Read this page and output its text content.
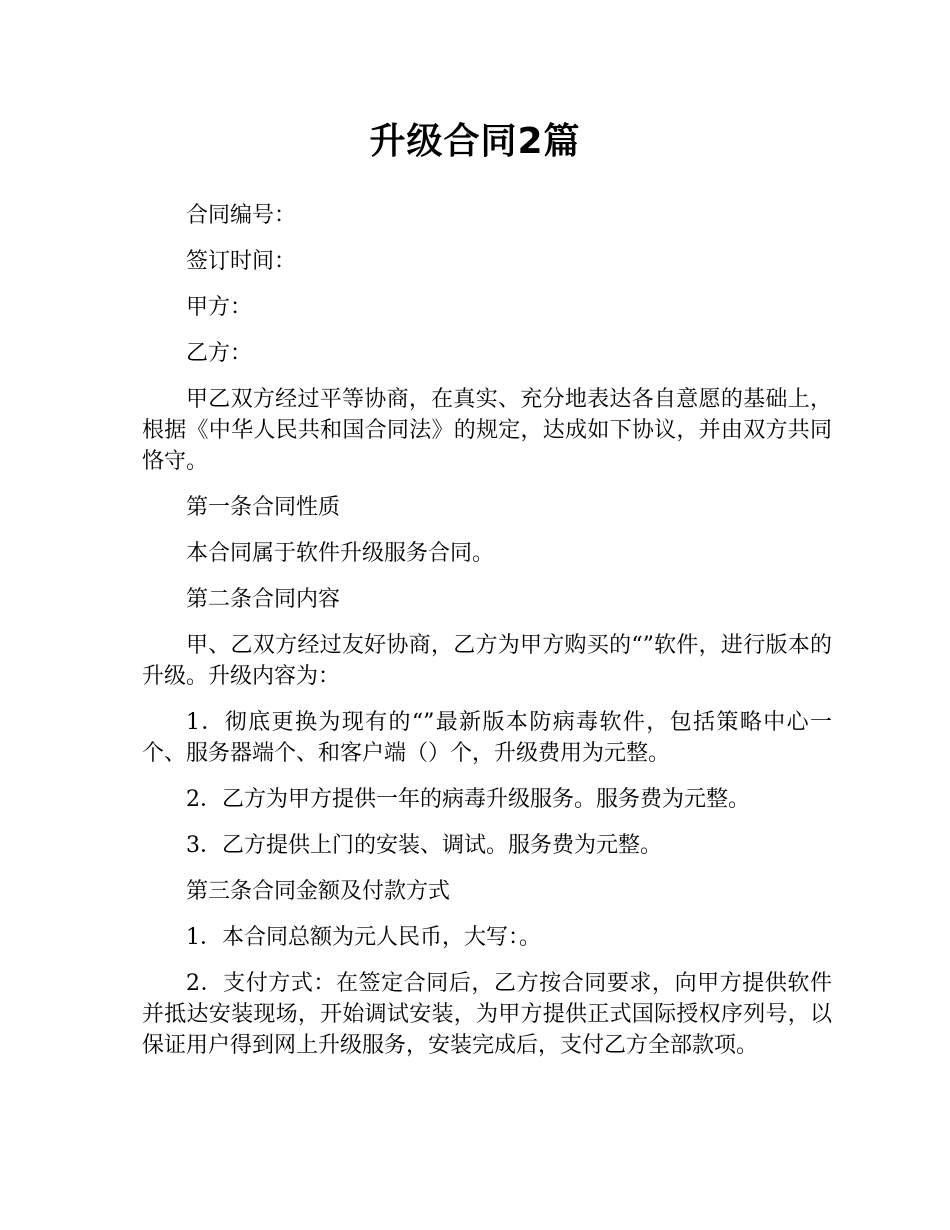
升级合同2篇

合同编号：

签订时间：

甲方：

乙方：

甲乙双方经过平等协商，在真实、充分地表达各自意愿的基础上，根据《中华人民共和国合同法》的规定，达成如下协议，并由双方共同恪守。

第一条合同性质

本合同属于软件升级服务合同。

第二条合同内容

甲、乙双方经过友好协商，乙方为甲方购买的“”软件，进行版本的升级。升级内容为：

1．彻底更换为现有的“”最新版本防病毒软件，包括策略中心一个、服务器端个、和客户端（）个，升级费用为元整。

2．乙方为甲方提供一年的病毒升级服务。服务费为元整。

3．乙方提供上门的安装、调试。服务费为元整。

第三条合同金额及付款方式

1．本合同总额为元人民币，大写：。

2．支付方式：在签定合同后，乙方按合同要求，向甲方提供软件并抵达安装现场，开始调试安装，为甲方提供正式国际授权序列号，以保证用户得到网上升级服务，安装完成后，支付乙方全部款项。
